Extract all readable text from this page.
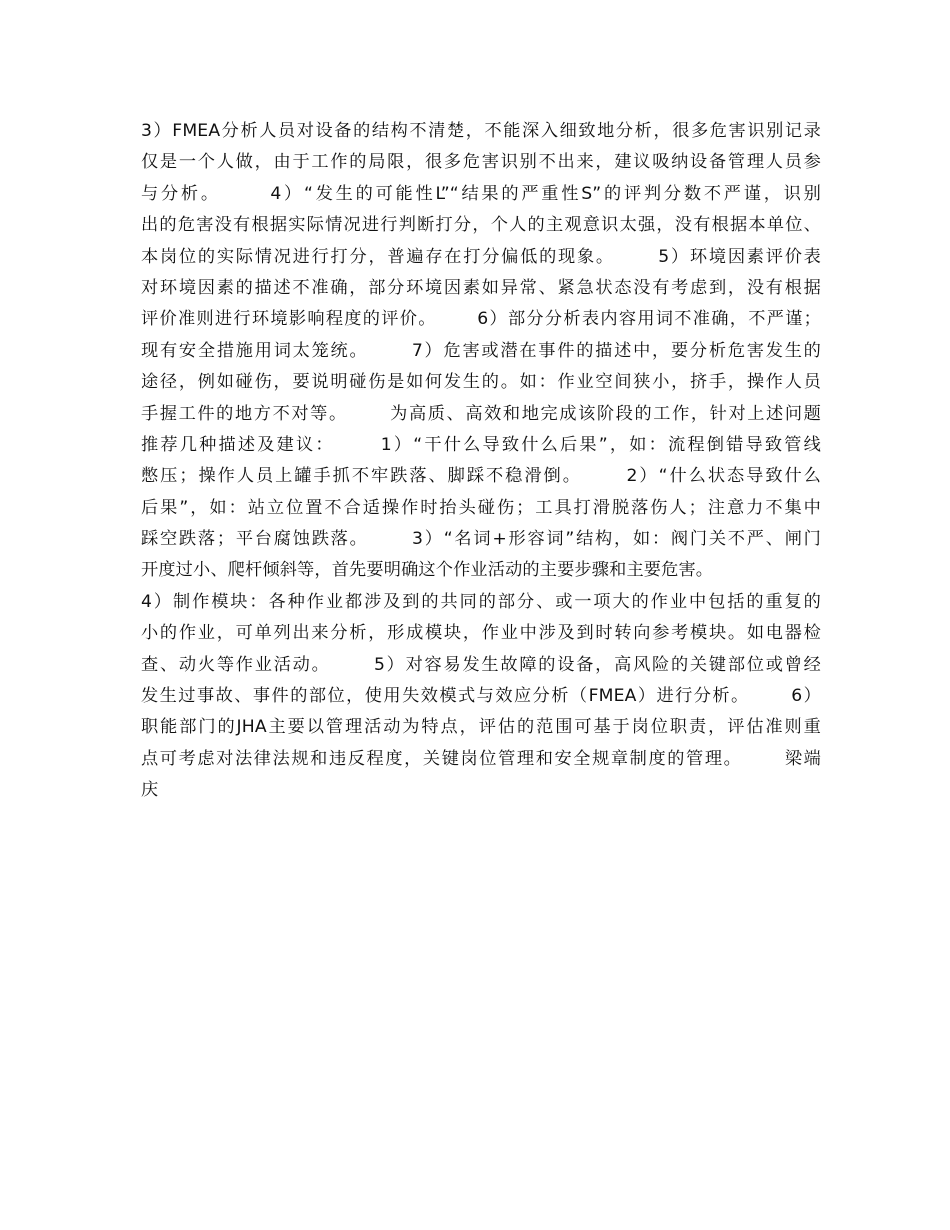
3）FMEA分析人员对设备的结构不清楚，不能深入细致地分析，很多危害识别记录
仅是一个人做，由于工作的局限，很多危害识别不出来，建议吸纳设备管理人员参
与分析。      4）“发生的可能性L”“结果的严重性S”的评判分数不严谨，识别
出的危害没有根据实际情况进行判断打分，个人的主观意识太强，没有根据本单位、
本岗位的实际情况进行打分，普遍存在打分偏低的现象。      5）环境因素评价表
对环境因素的描述不准确，部分环境因素如异常、紧急状态没有考虑到，没有根据
评价准则进行环境影响程度的评价。      6）部分分析表内容用词不准确，不严谨；
现有安全措施用词太笼统。      7）危害或潜在事件的描述中，要分析危害发生的
途径，例如碰伤，要说明碰伤是如何发生的。如：作业空间狭小，挤手，操作人员
手握工件的地方不对等。      为高质、高效和地完成该阶段的工作，针对上述问题
推荐几种描述及建议：      1）“干什么导致什么后果”，如：流程倒错导致管线
憋压；操作人员上罐手抓不牢跌落、脚踩不稳滑倒。      2）“什么状态导致什么
后果”，如：站立位置不合适操作时抬头碰伤；工具打滑脱落伤人；注意力不集中
踩空跌落；平台腐蚀跌落。      3）“名词+形容词”结构，如：阀门关不严、闸门
开度过小、爬杆倾斜等，首先要明确这个作业活动的主要步骤和主要危害。
4）制作模块：各种作业都涉及到的共同的部分、或一项大的作业中包括的重复的
小的作业，可单列出来分析，形成模块，作业中涉及到时转向参考模块。如电器检
查、动火等作业活动。      5）对容易发生故障的设备，高风险的关键部位或曾经
发生过事故、事件的部位，使用失效模式与效应分析（FMEA）进行分析。      6）
职能部门的JHA主要以管理活动为特点，评估的范围可基于岗位职责，评估准则重
点可考虑对法律法规和违反程度，关键岗位管理和安全规章制度的管理。      梁端
庆
